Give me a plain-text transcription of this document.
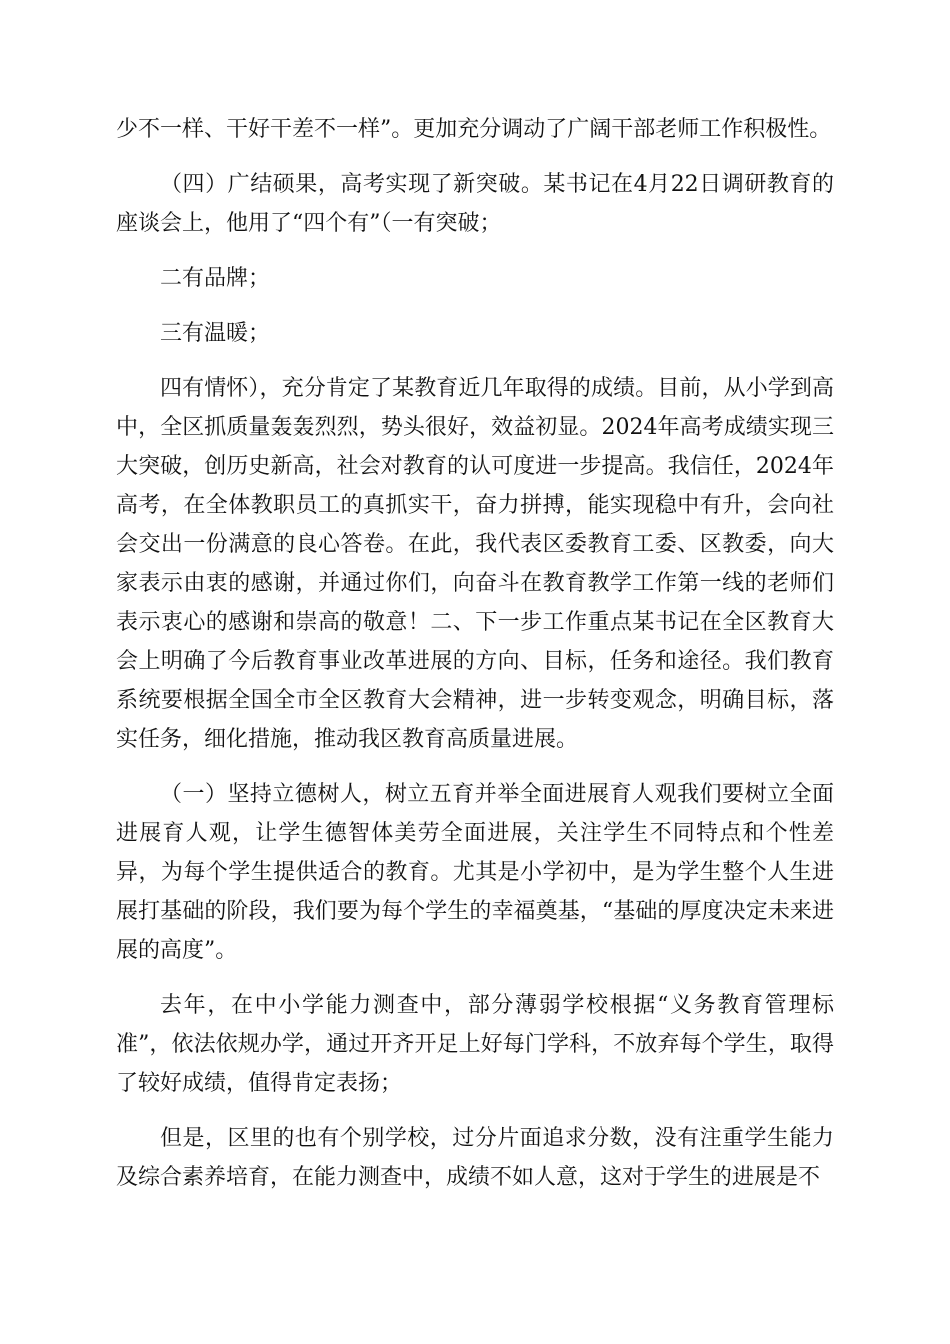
少不一样、干好干差不一样”。更加充分调动了广阔干部老师工作积极性。

（四）广结硕果，高考实现了新突破。某书记在4月22日调研教育的座谈会上，他用了“四个有”（一有突破；

二有品牌；

三有温暖；

四有情怀），充分肯定了某教育近几年取得的成绩。目前，从小学到高中，全区抓质量轰轰烈烈，势头很好，效益初显。2024年高考成绩实现三大突破，创历史新高，社会对教育的认可度进一步提高。我信任，2024年高考，在全体教职员工的真抓实干，奋力拼搏，能实现稳中有升，会向社会交出一份满意的良心答卷。在此，我代表区委教育工委、区教委，向大家表示由衷的感谢，并通过你们，向奋斗在教育教学工作第一线的老师们表示衷心的感谢和崇高的敬意！二、下一步工作重点某书记在全区教育大会上明确了今后教育事业改革进展的方向、目标，任务和途径。我们教育系统要根据全国全市全区教育大会精神，进一步转变观念，明确目标，落实任务，细化措施，推动我区教育高质量进展。

（一）坚持立德树人，树立五育并举全面进展育人观我们要树立全面进展育人观，让学生德智体美劳全面进展，关注学生不同特点和个性差异，为每个学生提供适合的教育。尤其是小学初中，是为学生整个人生进展打基础的阶段，我们要为每个学生的幸福奠基，“基础的厚度决定未来进展的高度”。

去年，在中小学能力测查中，部分薄弱学校根据“义务教育管理标准”，依法依规办学，通过开齐开足上好每门学科，不放弃每个学生，取得了较好成绩，值得肯定表扬；

但是，区里的也有个别学校，过分片面追求分数，没有注重学生能力及综合素养培育，在能力测查中，成绩不如人意，这对于学生的进展是不
